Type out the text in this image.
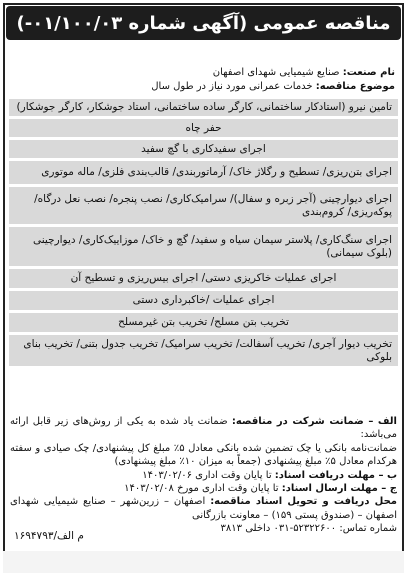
مناقصه عمومی (آگهی شماره ۰۱/۱۰۰/۰۳-)
نام صنعت: صنایع شیمیایی شهدای اصفهان
موضوع مناقصه: خدمات عمرانی مورد نیاز در طول سال
تامین نیرو (استادکار ساختمانی، کارگر ساده ساختمانی، استاد جوشکار، کارگر جوشکار)
حفر چاه
اجرای سفیدکاری با گچ سفید
اجرای بتن‌ریزی/ تسطیح و رگلاژ خاک/ آرماتوربندی/ قالب‌بندی فلزی/ ماله موتوری
اجرای دیوارچینی (آجر زبره و سفال)/ سرامیک‌کاری/ نصب پنجره/ نصب نعل درگاه/ پوکه‌ریزی/ کروم‌بندی
اجرای سنگ‌کاری/ پلاستر سیمان سیاه و سفید/ گچ و خاک/ موزاییک‌کاری/ دیوارچینی (بلوک سیمانی)
اجرای عملیات خاکریزی دستی/ اجرای بیس‌ریزی و تسطیح آن
اجرای عملیات /خاکبرداری دستی
تخریب بتن مسلح/ تخریب بتن غیرمسلح
تخریب دیوار آجری/ تخریب آسفالت/ تخریب سرامیک/ تخریب جدول بتنی/ تخریب بنای بلوکی

الف – ضمانت شرکت در مناقصه: ضمانت یاد شده به یکی از روش‌های زیر قابل ارائه می‌باشد:

ضمانت‌نامه بانکی یا چک تضمین شده بانکی معادل ۵٪ مبلغ کل پیشنهادی/ چک صیادی و سفته هرکدام معادل ۵٪ مبلغ پیشنهادی (جمعاً به میزان ۱۰٪ مبلغ پیشنهادی)

ب – مهلت دریافت اسناد: تا پایان وقت اداری ۱۴۰۳/۰۲/۰۶

ج – مهلت ارسال اسناد: تا پایان وقت اداری مورخ ۱۴۰۳/۰۲/۰۸

محل دریافت و تحویل اسناد مناقصه: اصفهان – زرین‌شهر – صنایع شیمیایی شهدای اصفهان – (صندوق پستی ۱۵۹) – معاونت بازرگانی

شماره تماس: ۵۲۳۲۲۶۰۰-۰۳۱ داخلی ۳۸۱۳

م الف/۱۶۹۴۷۹۳
